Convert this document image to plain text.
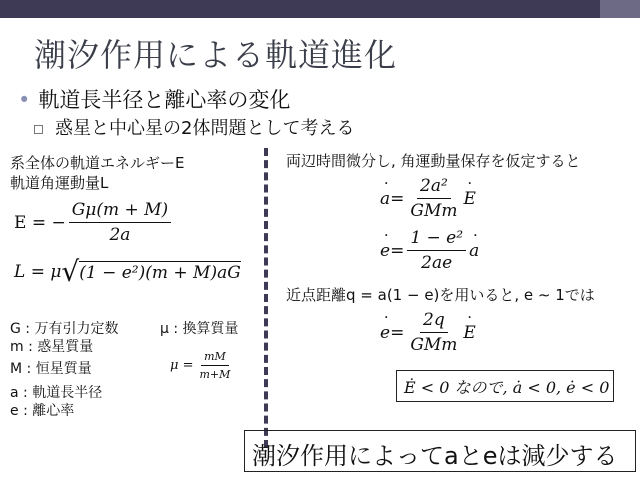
潮汐作用による軌道進化
• 軌道長半径と離心率の変化
惑星と中心星の2体問題として考える
系全体の軌道エネルギーE
軌道角運動量L
E = − $\frac{G\mu(m + M)}{2a}$
L = μ √ (1 − e²)(m + M)aG
G : 万有引力定数
m : 惑星質量
M : 恒星質量
a : 軌道長半径
e : 離心率
μ : 換算質量
$\mu = \frac{mM}{m+M}$
両辺時間微分し, 角運動量保存を仮定すると
˙ $a = \frac{\text{2a²}}{\text{GMm}}$ ˙ E
˙ $e = \frac{\text{1 − e²}}{2ae}$ ˙ a
近点距離q = a(1 − e)を用いると, e ∼ 1では
˙ $e = \frac{2q}{\text{GMm}}$ ˙ E
Ė < 0 なので, ȧ < 0, ė < 0
潮汐作用によってaとeは減少する
